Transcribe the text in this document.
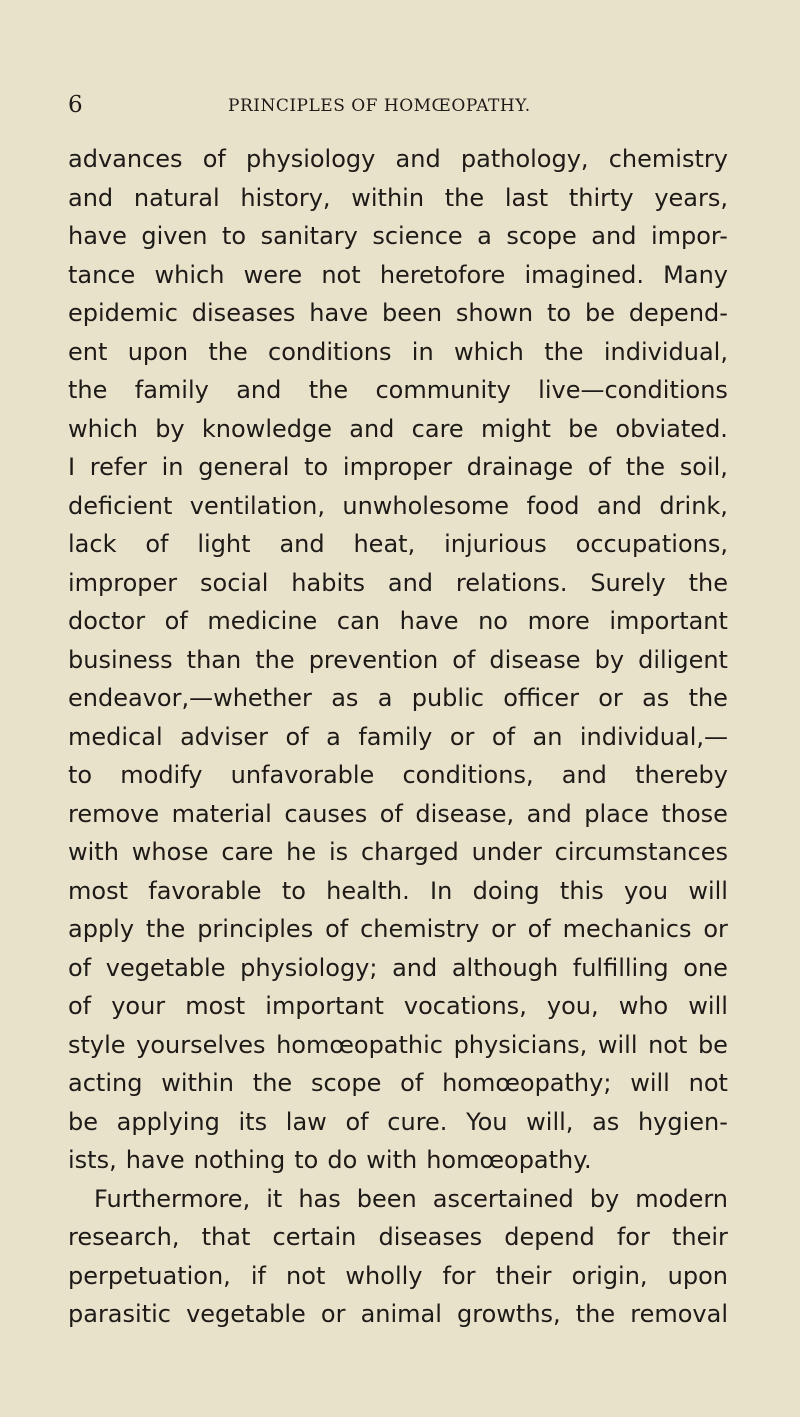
6	PRINCIPLES OF HOMŒOPATHY.
advances of physiology and pathology, chemistry
and natural history, within the last thirty years,
have given to sanitary science a scope and impor-
tance which were not heretofore imagined. Many
epidemic diseases have been shown to be depend-
ent upon the conditions in which the individual,
the family and the community live—conditions
which by knowledge and care might be obviated.
I refer in general to improper drainage of the soil,
deficient ventilation, unwholesome food and drink,
lack of light and heat, injurious occupations,
improper social habits and relations. Surely the
doctor of medicine can have no more important
business than the prevention of disease by diligent
endeavor,—whether as a public officer or as the
medical adviser of a family or of an individual,—
to modify unfavorable conditions, and thereby
remove material causes of disease, and place those
with whose care he is charged under circumstances
most favorable to health. In doing this you will
apply the principles of chemistry or of mechanics or
of vegetable physiology; and although fulfilling one
of your most important vocations, you, who will
style yourselves homœopathic physicians, will not be
acting within the scope of homœopathy; will not
be applying its law of cure. You will, as hygien-
ists, have nothing to do with homœopathy.
Furthermore, it has been ascertained by modern
research, that certain diseases depend for their
perpetuation, if not wholly for their origin, upon
parasitic vegetable or animal growths, the removal
